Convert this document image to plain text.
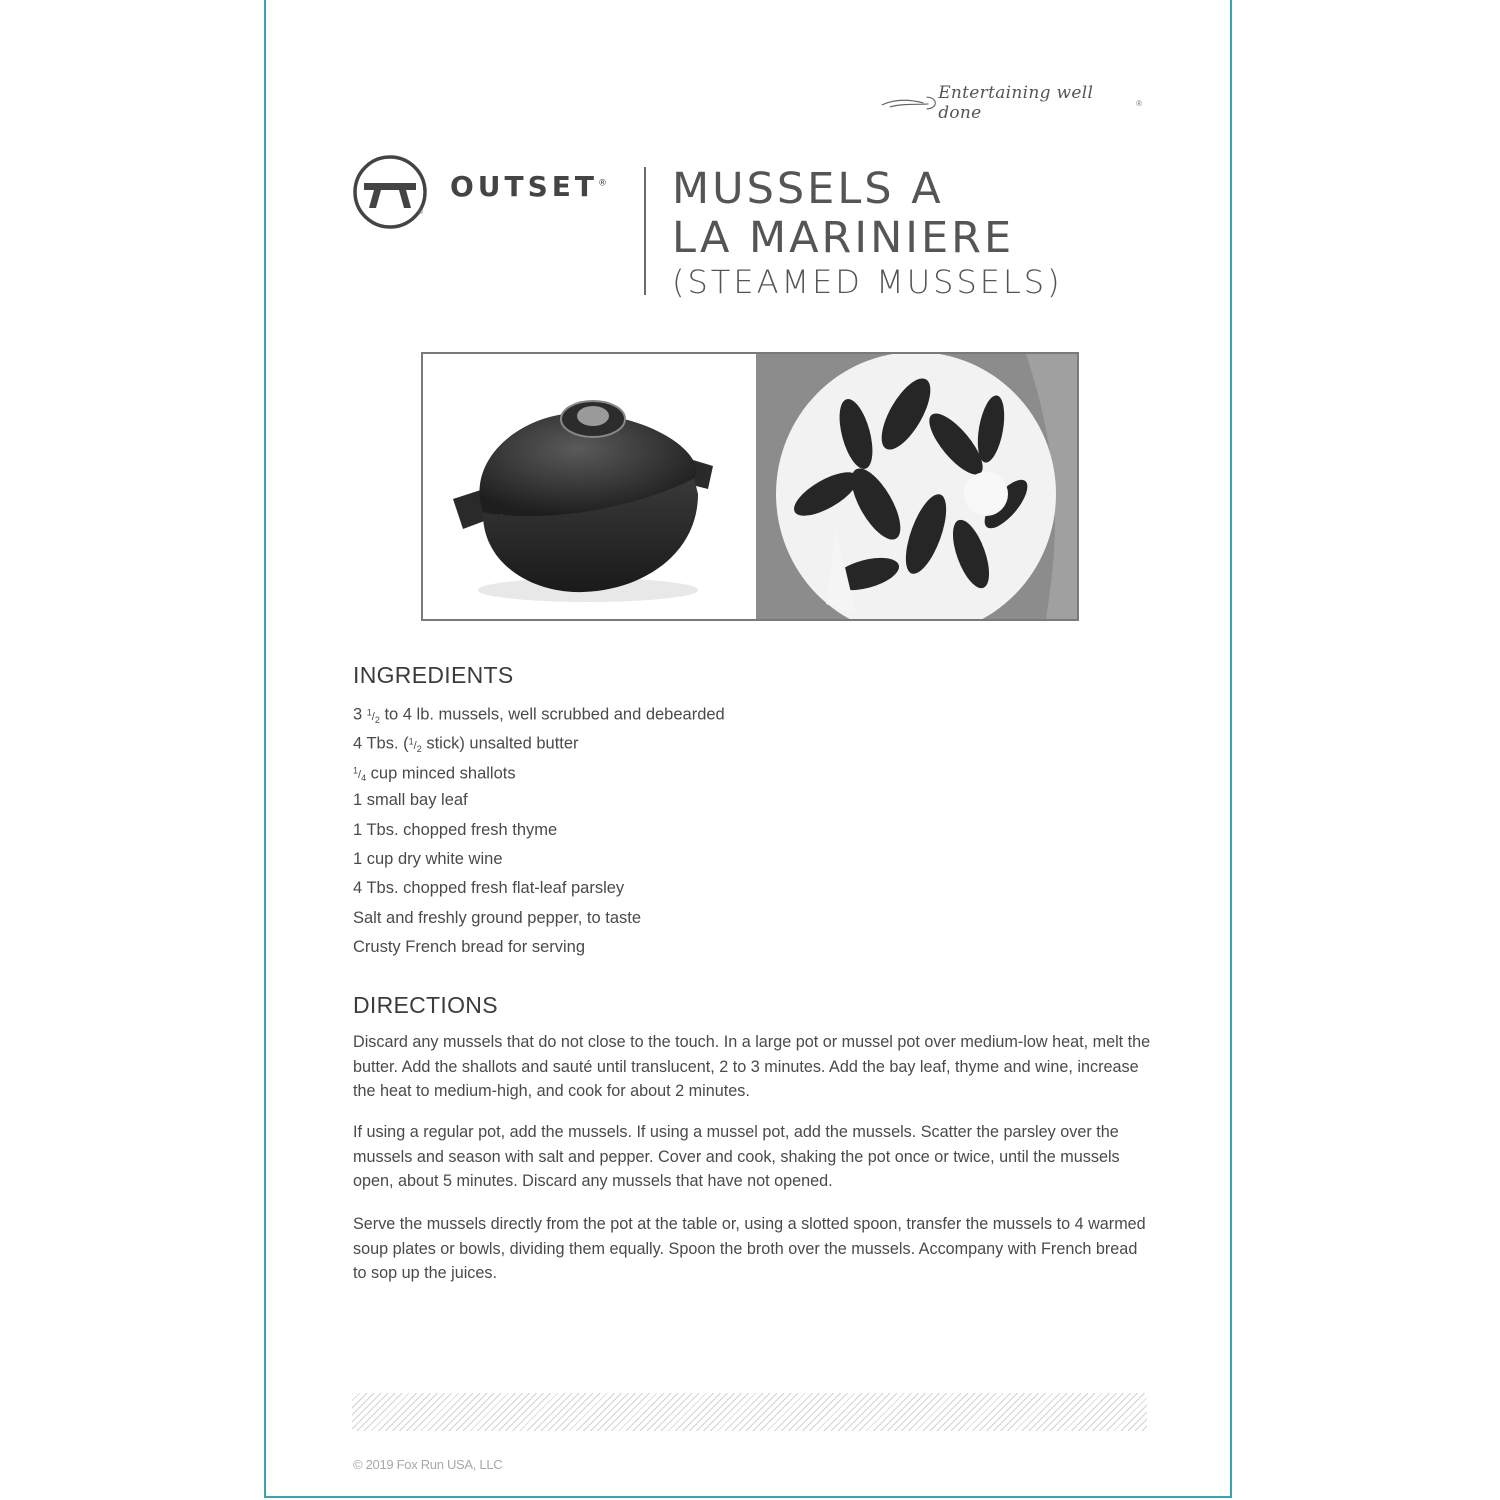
Entertaining well done	®
®
OUTSET® MUSSELS A
LA MARINIERE
(STEAMED MUSSELS)
INGREDIENTS
3 $^1/_2$ to 4 lb. mussels, well scrubbed and debearded
4 Tbs. ($^1/_2$ stick) unsalted butter
$^1/_4$ cup minced shallots
1 small bay leaf
1 Tbs. chopped fresh thyme
1 cup dry white wine
4 Tbs. chopped fresh flat-leaf parsley
Salt and freshly ground pepper, to taste
Crusty French bread for serving
DIRECTIONS

Discard any mussels that do not close to the touch. In a large pot or mussel pot over medium-low heat, melt the butter. Add the shallots and sauté until translucent, 2 to 3 minutes. Add the bay leaf, thyme and wine, increase the heat to medium-high, and cook for about 2 minutes.

If using a regular pot, add the mussels. If using a mussel pot, add the mussels. Scatter the parsley over the mussels and season with salt and pepper. Cover and cook, shaking the pot once or twice, until the mussels open, about 5 minutes. Discard any mussels that have not opened.

Serve the mussels directly from the pot at the table or, using a slotted spoon, transfer the mussels to 4 warmed soup plates or bowls, dividing them equally. Spoon the broth over the mussels. Accompany with French bread to sop up the juices.

© 2019 Fox Run USA, LLC
